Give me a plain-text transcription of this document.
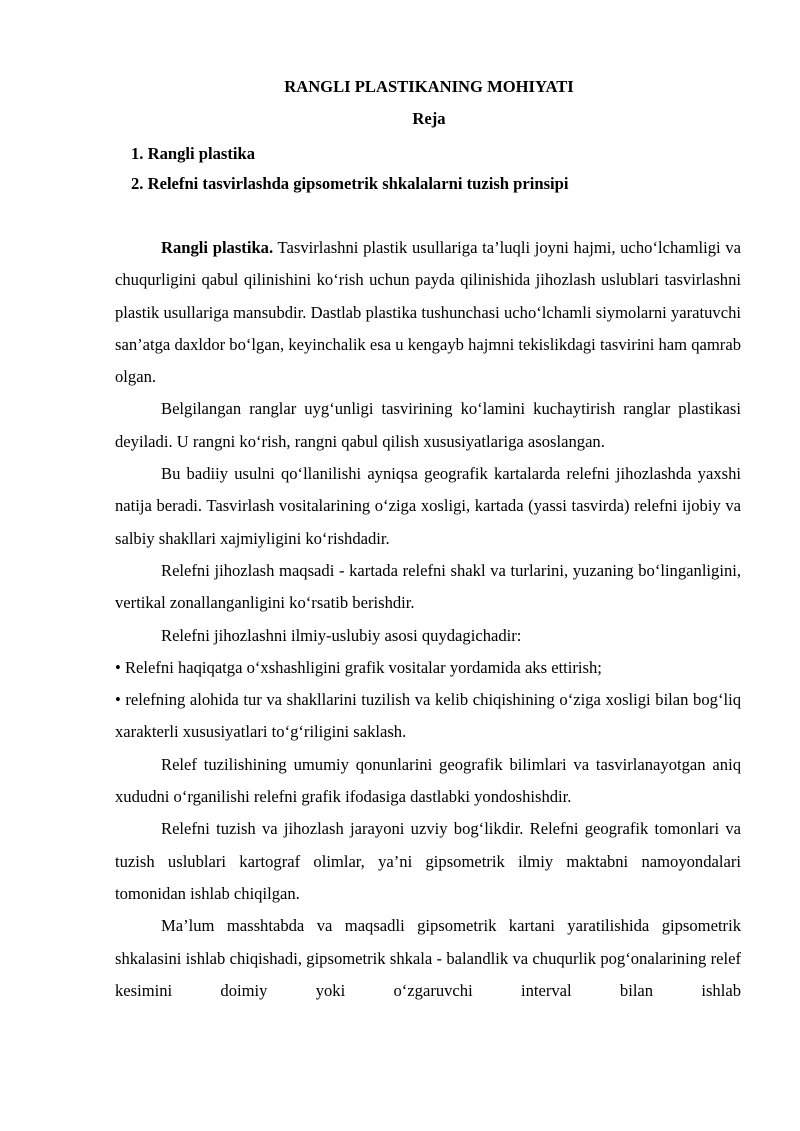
RANGLI PLASTIKANING MOHIYATI
Reja
1. Rangli plastika
2. Relefni tasvirlashda gipsometrik shkalalarni tuzish prinsipi

Rangli plastika. Tasvirlashni plastik usullariga ta’luqli joyni hajmi, ucho‘lchamligi va chuqurligini qabul qilinishini ko‘rish uchun payda qilinishida jihozlash uslublari tasvirlashni plastik usullariga mansubdir. Dastlab plastika tushunchasi ucho‘lchamli siymolarni yaratuvchi san’atga daxldor bo‘lgan, keyinchalik esa u kengayb hajmni tekislikdagi tasvirini ham qamrab olgan.

Belgilangan ranglar uyg‘unligi tasvirining ko‘lamini kuchaytirish ranglar plastikasi deyiladi. U rangni ko‘rish, rangni qabul qilish xususiyatlariga asoslangan.

Bu badiiy usulni qo‘llanilishi ayniqsa geografik kartalarda relefni jihozlashda yaxshi natija beradi. Tasvirlash vositalarining o‘ziga xosligi, kartada (yassi tasvirda) relefni ijobiy va salbiy shakllari xajmiyligini ko‘rishdadir.

Relefni jihozlash maqsadi - kartada relefni shakl va turlarini, yuzaning bo‘linganligini, vertikal zonallanganligini ko‘rsatib berishdir.

Relefni jihozlashni ilmiy-uslubiy asosi quydagichadir:

• Relefni haqiqatga o‘xshashligini grafik vositalar yordamida aks ettirish;

• relefning alohida tur va shakllarini tuzilish va kelib chiqishining o‘ziga xosligi bilan bog‘liq xarakterli xususiyatlari to‘g‘riligini saklash.

Relef tuzilishining umumiy qonunlarini geografik bilimlari va tasvirlanayotgan aniq xududni o‘rganilishi relefni grafik ifodasiga dastlabki yondoshishdir.

Relefni tuzish va jihozlash jarayoni uzviy bog‘likdir. Relefni geografik tomonlari va tuzish uslublari kartograf olimlar, ya’ni gipsometrik ilmiy maktabni namoyondalari tomonidan ishlab chiqilgan.

Ma’lum masshtabda va maqsadli gipsometrik kartani yaratilishida gipsometrik shkalasini ishlab chiqishadi, gipsometrik shkala - balandlik va chuqurlik pog‘onalarining relef kesimini doimiy yoki o‘zgaruvchi interval bilan ishlab
